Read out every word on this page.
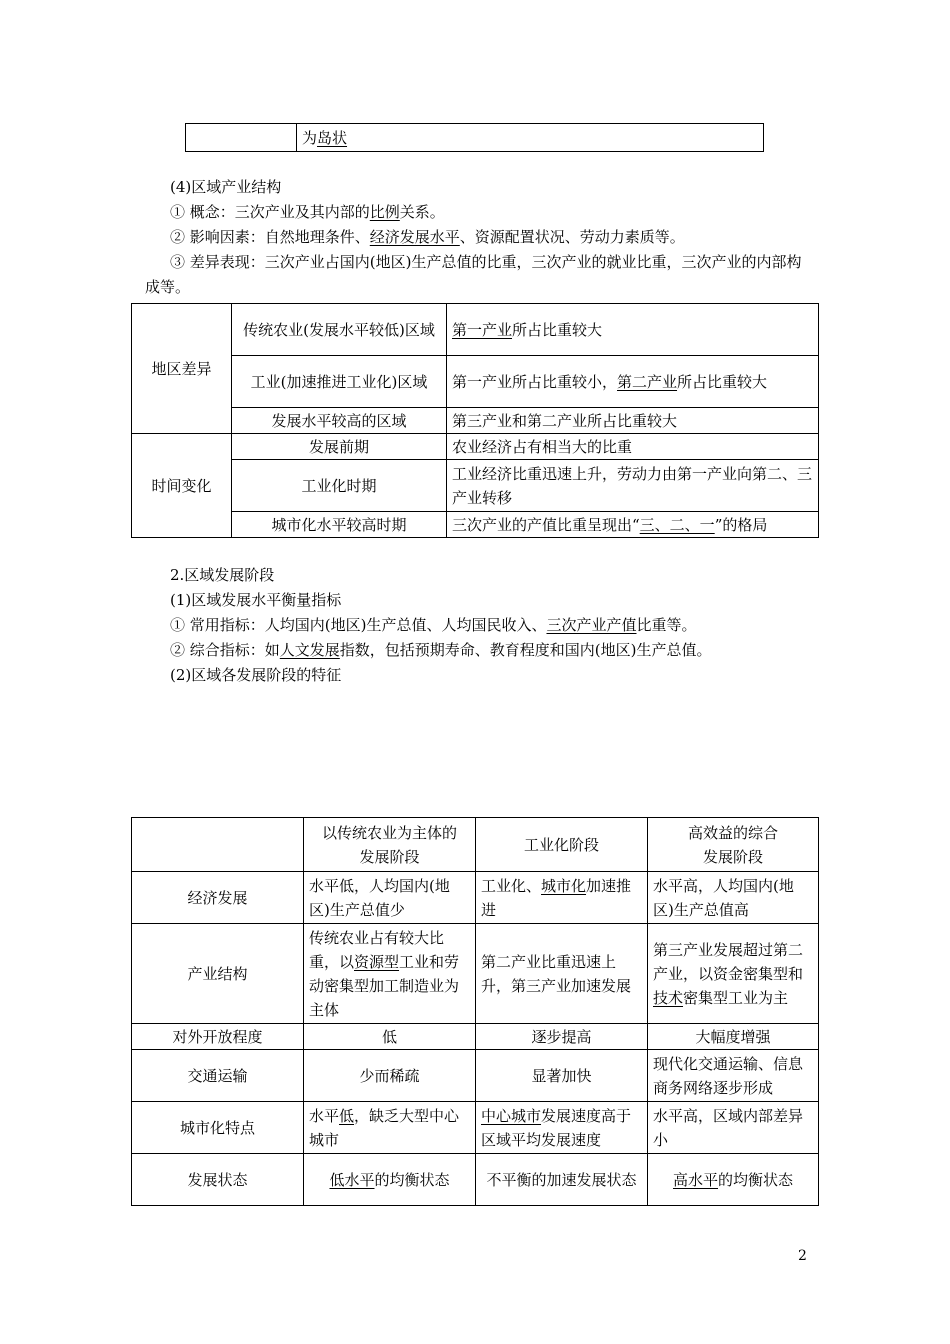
	为岛状
(4)区域产业结构
① 概念：三次产业及其内部的比例关系。
② 影响因素：自然地理条件、经济发展水平、资源配置状况、劳动力素质等。
③ 差异表现：三次产业占国内(地区)生产总值的比重，三次产业的就业比重，三次产业的内部构成等。
地区差异	传统农业(发展水平较低)区域	第一产业所占比重较大
	工业(加速推进工业化)区域	第一产业所占比重较小，第二产业所占比重较大
	发展水平较高的区域	第三产业和第二产业所占比重较大
时间变化	发展前期	农业经济占有相当大的比重
	工业化时期	工业经济比重迅速上升，劳动力由第一产业向第二、三产业转移
	城市化水平较高时期	三次产业的产值比重呈现出“三、二、一”的格局
2.区域发展阶段
(1)区域发展水平衡量指标
① 常用指标：人均国内(地区)生产总值、人均国民收入、三次产业产值比重等。
② 综合指标：如人文发展指数，包括预期寿命、教育程度和国内(地区)生产总值。
(2)区域各发展阶段的特征
	以传统农业为主体的发展阶段	工业化阶段	高效益的综合发展阶段
经济发展	水平低，人均国内(地区)生产总值少	工业化、城市化加速推进	水平高，人均国内(地区)生产总值高
产业结构	传统农业占有较大比重，以资源型工业和劳动密集型加工制造业为主体	第二产业比重迅速上升，第三产业加速发展	第三产业发展超过第二产业，以资金密集型和技术密集型工业为主
对外开放程度	低	逐步提高	大幅度增强
交通运输	少而稀疏	显著加快	现代化交通运输、信息商务网络逐步形成
城市化特点	水平低，缺乏大型中心城市	中心城市发展速度高于区域平均发展速度	水平高，区域内部差异小
发展状态	低水平的均衡状态	不平衡的加速发展状态	高水平的均衡状态
2
